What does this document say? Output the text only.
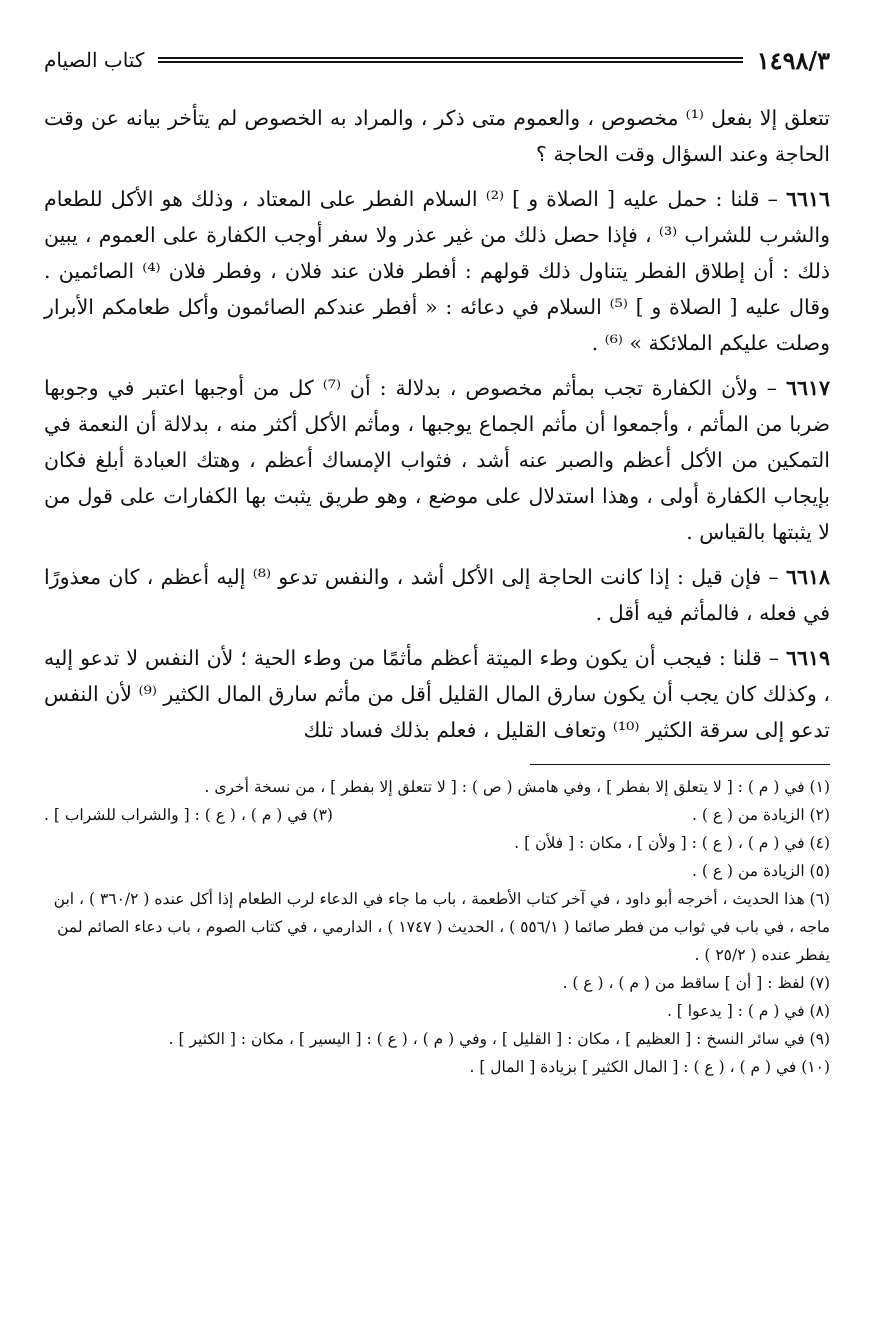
١٤٩٨/٣
كتاب الصيام

تتعلق إلا بفعل ⁽¹⁾ مخصوص ، والعموم متى ذكر ، والمراد به الخصوص لم يتأخر بيانه عن وقت الحاجة وعند السؤال وقت الحاجة ؟

٦٦١٦ – قلنا : حمل عليه [ الصلاة و ] ⁽²⁾ السلام الفطر على المعتاد ، وذلك هو الأكل للطعام والشرب للشراب ⁽³⁾ ، فإذا حصل ذلك من غير عذر ولا سفر أوجب الكفارة على العموم ، يبين ذلك : أن إطلاق الفطر يتناول ذلك قولهم : أفطر فلان عند فلان ، وفطر فلان ⁽⁴⁾ الصائمين . وقال عليه [ الصلاة و ] ⁽⁵⁾ السلام في دعائه : « أفطر عندكم الصائمون وأكل طعامكم الأبرار وصلت عليكم الملائكة » ⁽⁶⁾ .

٦٦١٧ – ولأن الكفارة تجب بمأثم مخصوص ، بدلالة : أن ⁽⁷⁾ كل من أوجبها اعتبر في وجوبها ضربا من المأثم ، وأجمعوا أن مأثم الجماع يوجبها ، ومأثم الأكل أكثر منه ، بدلالة أن النعمة في التمكين من الأكل أعظم والصبر عنه أشد ، فثواب الإمساك أعظم ، وهتك العبادة أبلغ فكان بإيجاب الكفارة أولى ، وهذا استدلال على موضع ، وهو طريق يثبت بها الكفارات على قول من لا يثبتها بالقياس .

٦٦١٨ – فإن قيل : إذا كانت الحاجة إلى الأكل أشد ، والنفس تدعو ⁽⁸⁾ إليه أعظم ، كان معذورًا في فعله ، فالمأثم فيه أقل .

٦٦١٩ – قلنا : فيجب أن يكون وطء الميتة أعظم مأثمًا من وطء الحية ؛ لأن النفس لا تدعو إليه ، وكذلك كان يجب أن يكون سارق المال القليل أقل من مأثم سارق المال الكثير ⁽⁹⁾ لأن النفس تدعو إلى سرقة الكثير ⁽¹⁰⁾ وتعاف القليل ، فعلم بذلك فساد تلك

(١) في ( م ) : [ لا يتعلق إلا بفطر ] ، وفي هامش ( ص ) : [ لا تتعلق إلا بفطر ] ، من نسخة أخرى .
(٢) الزيادة من ( ع ) .
(٣) في ( م ) ، ( ع ) : [ والشراب للشراب ] .
(٤) في ( م ) ، ( ع ) : [ ولأن ] ، مكان : [ فلأن ] .
(٥) الزيادة من ( ع ) .
(٦) هذا الحديث ، أخرجه أبو داود ، في آخر كتاب الأطعمة ، باب ما جاء في الدعاء لرب الطعام إذا أكل عنده ( ٣٦٠/٢ ) ، ابن ماجه ، في باب في ثواب من فطر صائما ( ٥٥٦/١ ) ، الحديث ( ١٧٤٧ ) ، الدارمي ، في كتاب الصوم ، باب دعاء الصائم لمن يفطر عنده ( ٢٥/٢ ) .
(٧) لفظ : [ أن ] ساقط من ( م ) ، ( ع ) .
(٨) في ( م ) : [ يدعوا ] .
(٩) في سائر النسخ : [ العظيم ] ، مكان : [ القليل ] ، وفي ( م ) ، ( ع ) : [ اليسير ] ، مكان : [ الكثير ] .
(١٠) في ( م ) ، ( ع ) : [ المال الكثير ] بزيادة [ المال ] .
